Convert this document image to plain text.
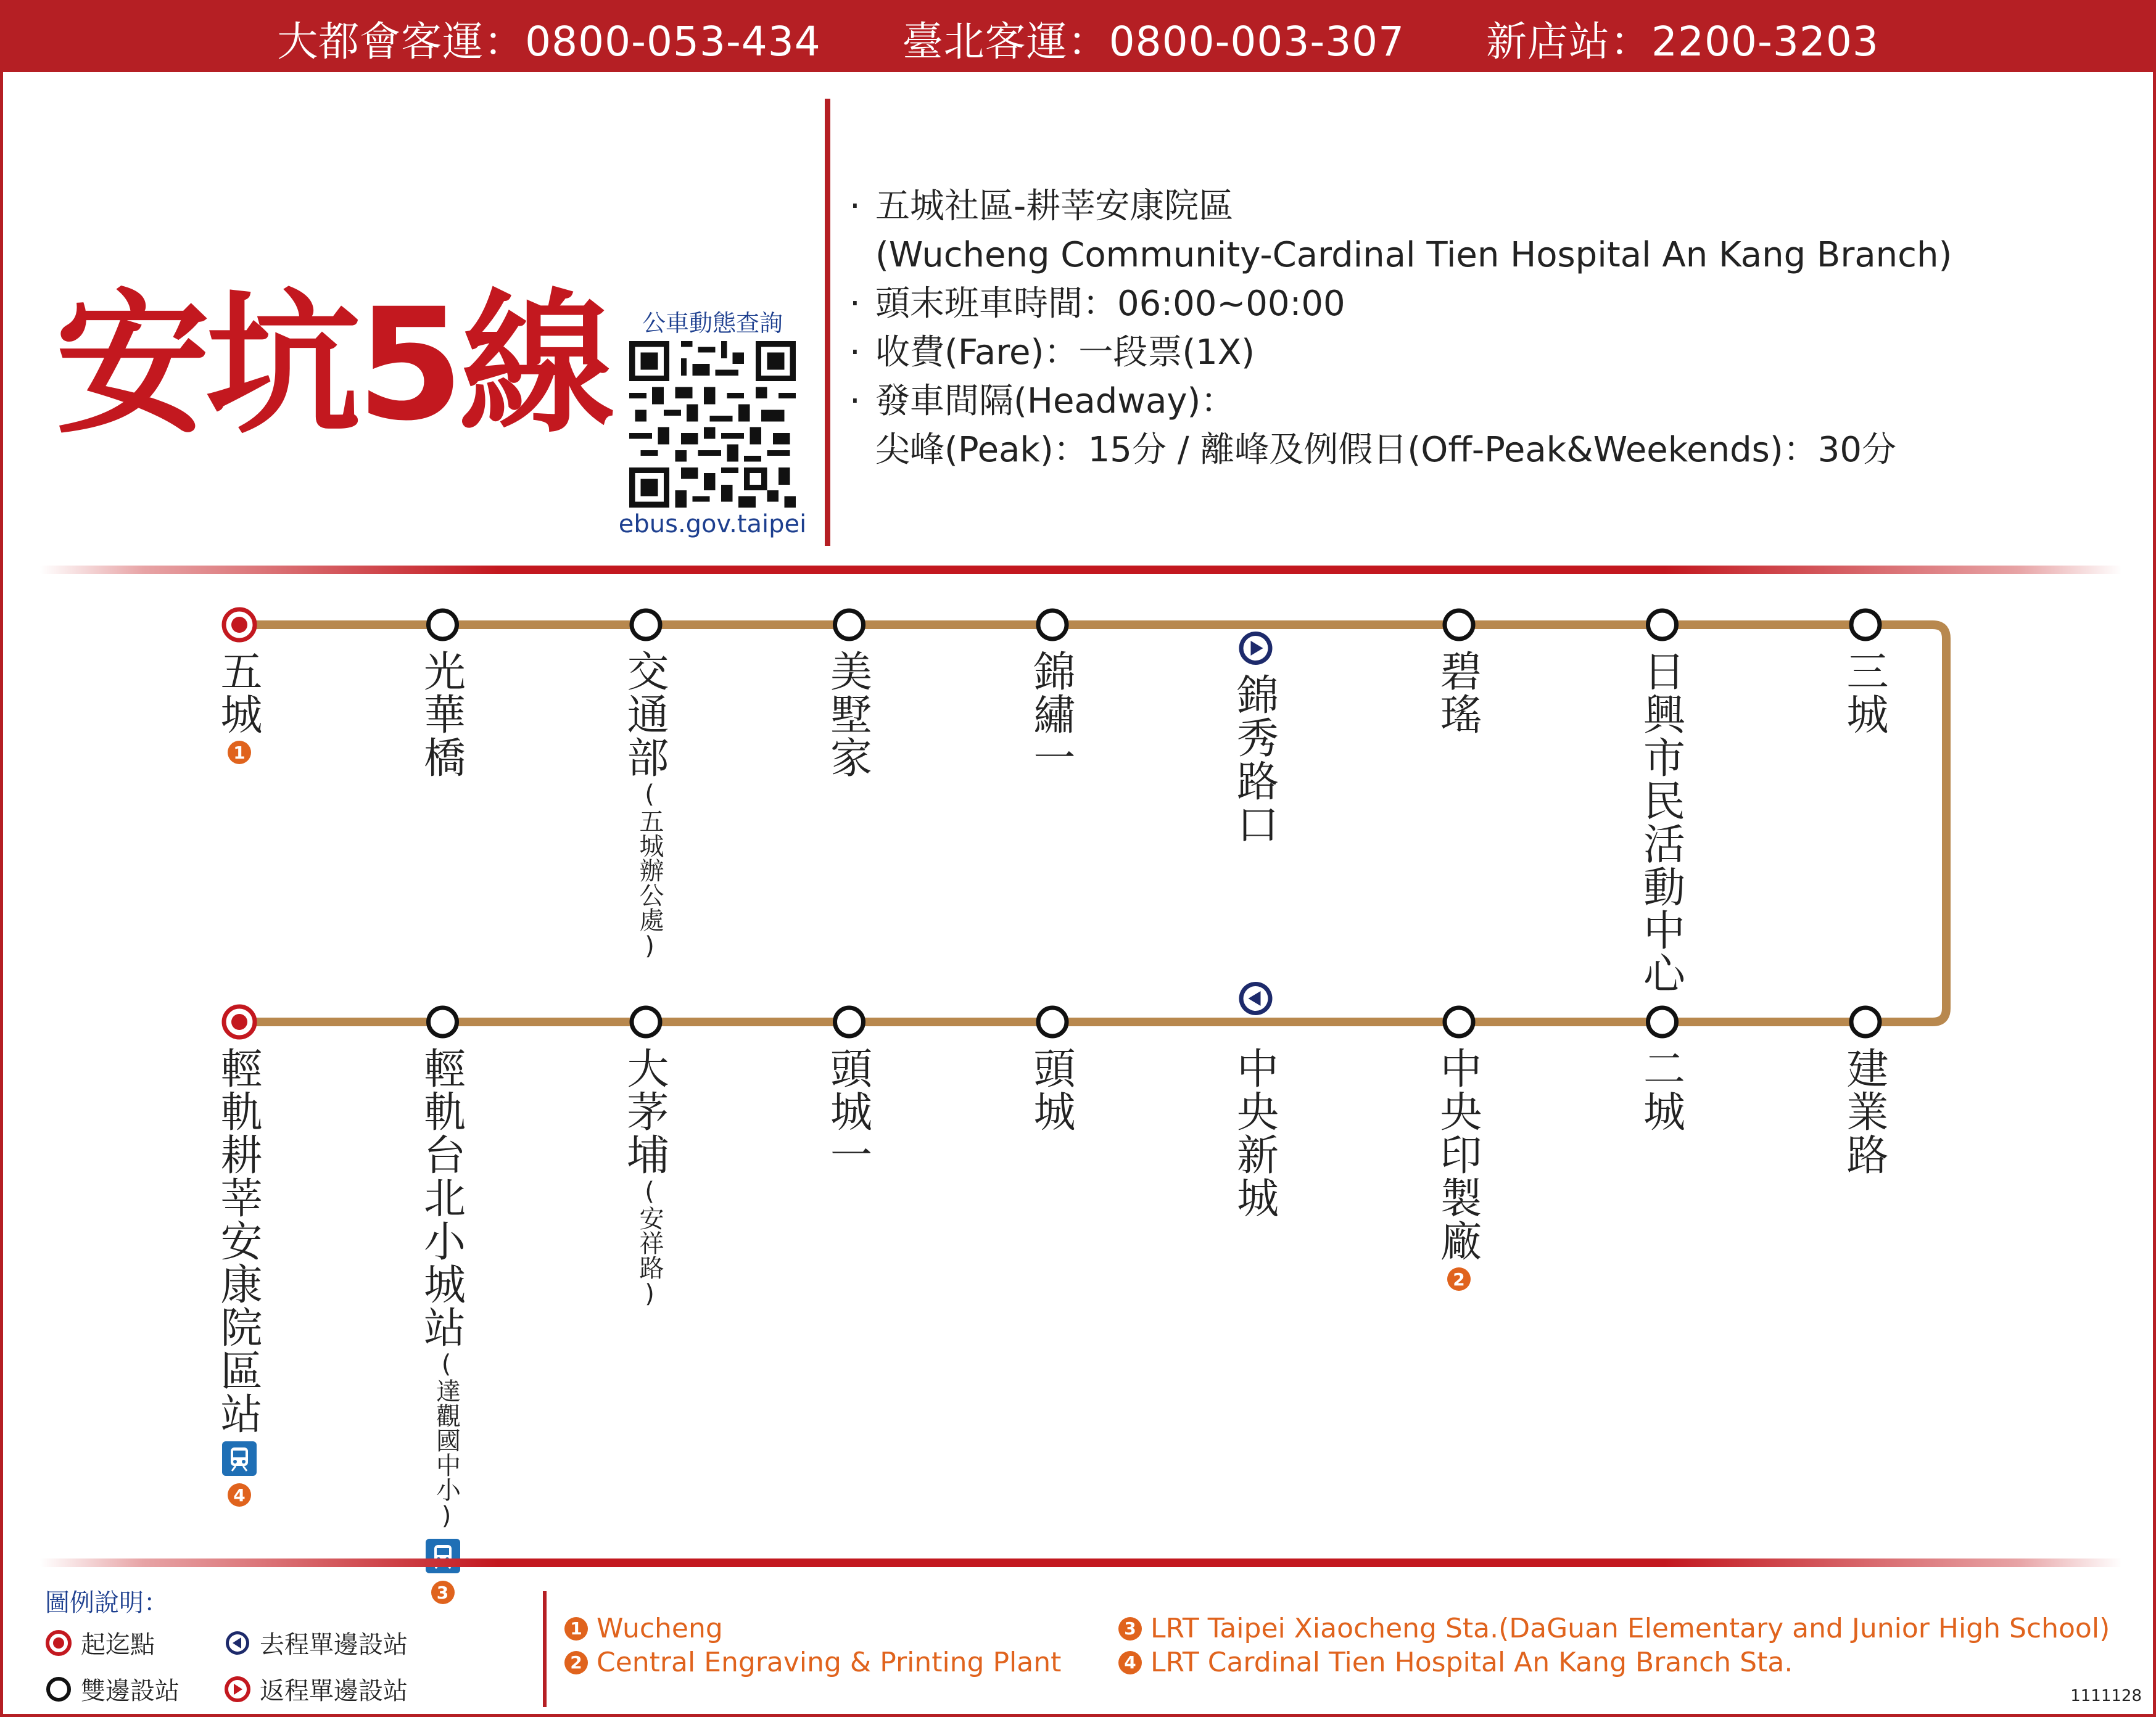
大都會客運：0800-053-434
臺北客運：0800-003-307
新店站：2200-3203
安坑5線	公車動態查詢
ebus.gov.taipei
· 五城社區-耕莘安康院區
(Wucheng Community-Cardinal Tien Hospital An Kang Branch)
· 頭末班車時間：06:00~00:00
· 收費(Fare)：一段票(1X)
· 發車間隔(Headway)：
尖峰(Peak)：15分 / 離峰及例假日(Off-Peak&Weekends)：30分
五城
1	光華橋	交通部
(五城辦公處)
美墅家	錦繡一	錦秀路口	碧瑤	日興市民活動中心	三城
輕軌耕莘安康院區站
4
輕軌台北小城站
(達觀國中小)
3
大茅埔
(安祥路)
頭城一	頭城	中央新城	中央印製廠
2
二城	建業路
圖例說明：
起迄點	去程單邊設站
雙邊設站	返程單邊設站
1 Wucheng
2 Central Engraving & Printing Plant
3 LRT Taipei Xiaocheng Sta.(DaGuan Elementary and Junior High School)
4 LRT Cardinal Tien Hospital An Kang Branch Sta.
1111128
